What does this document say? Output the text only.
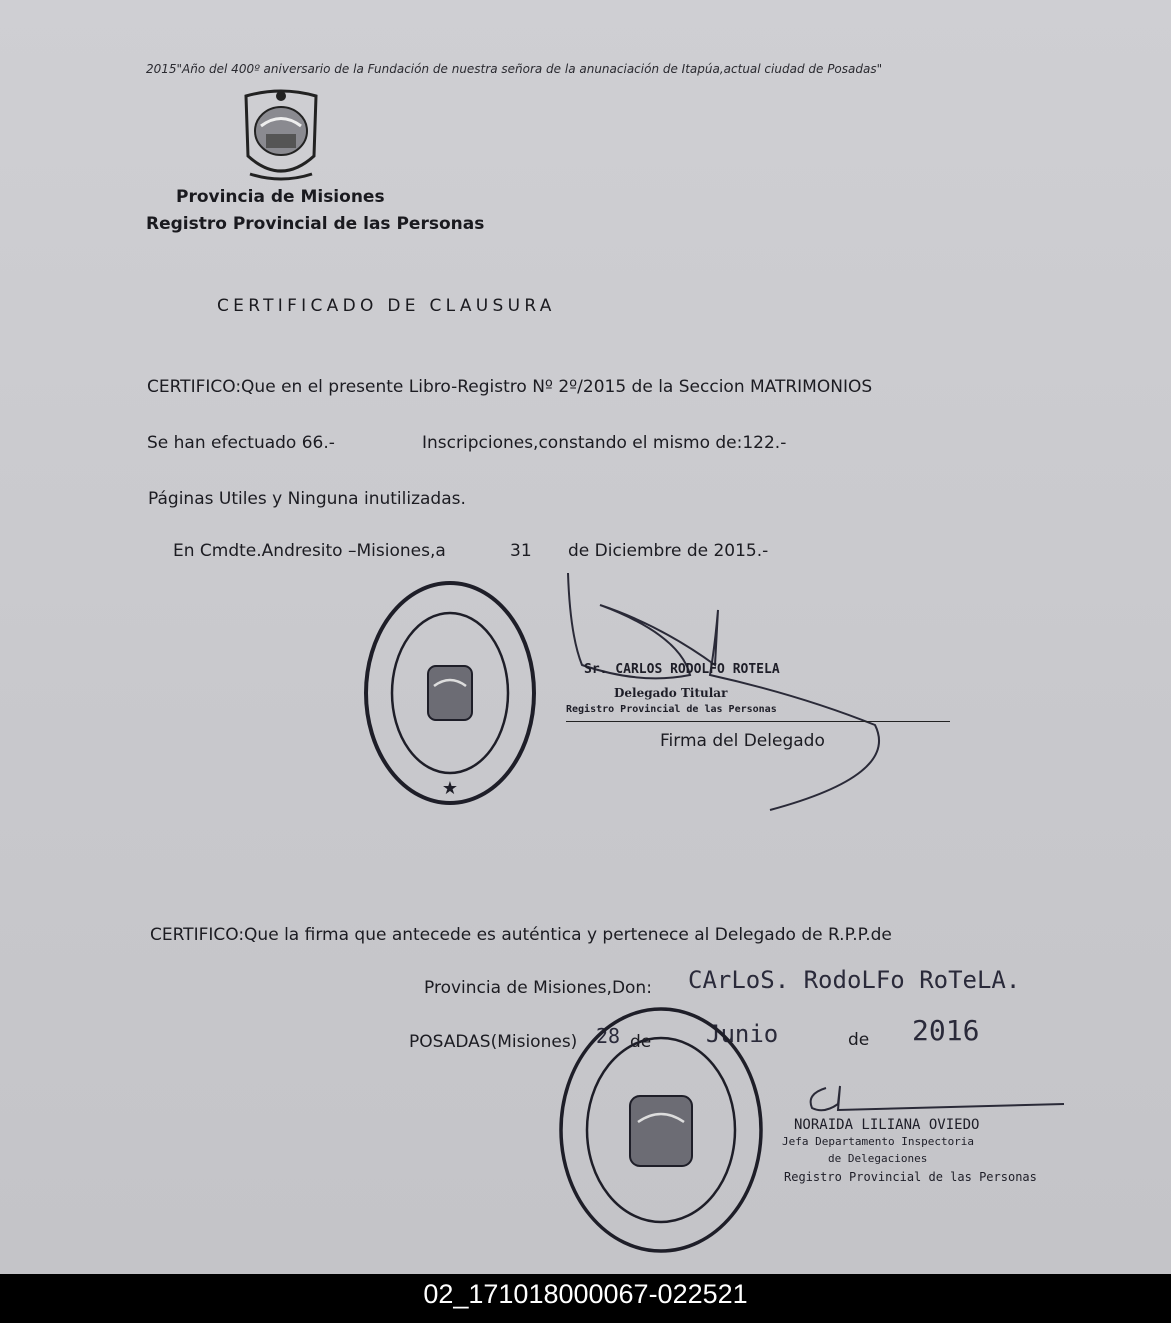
2015"Año del 400º aniversario de la Fundación de nuestra señora de la anunaciación de Itapúa,actual ciudad de Posadas"
Provincia de Misiones
Registro Provincial de las Personas
CERTIFICADO DE CLAUSURA
CERTIFICO:Que en el presente Libro-Registro Nº 2º/2015 de la Seccion MATRIMONIOS
Se han efectuado 66.-	Inscripciones,constando el mismo de:122.-
Páginas Utiles y Ninguna inutilizadas.
En Cmdte.Andresito –Misiones,a	31 de Diciembre de 2015.-
★
Sr. CARLOS RODOLFO ROTELA
Delegado Titular
Registro Provincial de las Personas
Firma del Delegado
CERTIFICO:Que la firma que antecede es auténtica y pertenece al Delegado de R.P.P.de
Provincia de Misiones,Don: CArLoS. RodoLFo RoTeLA.
POSADAS(Misiones) 28 de Junio	de 2016
NORAIDA LILIANA OVIEDO
Jefa Departamento Inspectoria
de Delegaciones
Registro Provincial de las Personas
02_171018000067-022521
